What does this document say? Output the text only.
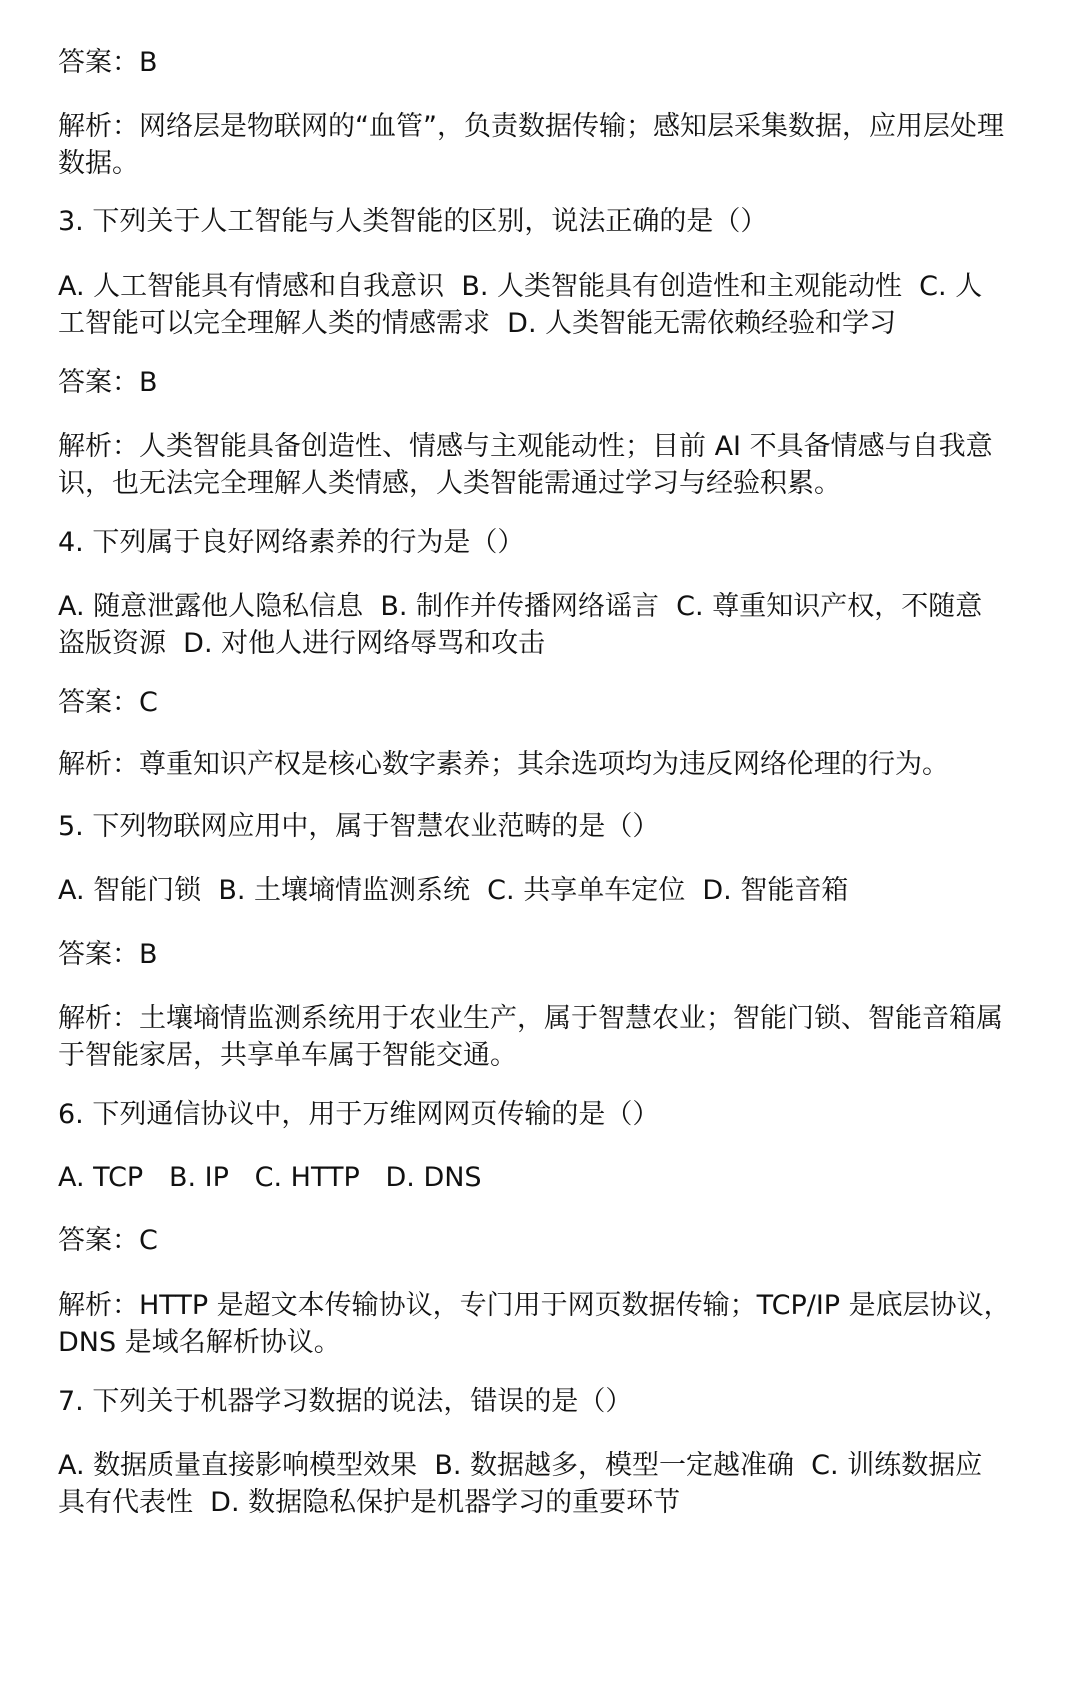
答案：B

解析：网络层是物联网的“血管”，负责数据传输；感知层采集数据，应用层处理
数据。

3. 下列关于人工智能与人类智能的区别，说法正确的是（）

A. 人工智能具有情感和自我意识  B. 人类智能具有创造性和主观能动性  C. 人
工智能可以完全理解人类的情感需求  D. 人类智能无需依赖经验和学习

答案：B

解析：人类智能具备创造性、情感与主观能动性；目前 AI 不具备情感与自我意
识，也无法完全理解人类情感，人类智能需通过学习与经验积累。

4. 下列属于良好网络素养的行为是（）

A. 随意泄露他人隐私信息  B. 制作并传播网络谣言  C. 尊重知识产权，不随意
盗版资源  D. 对他人进行网络辱骂和攻击

答案：C

解析：尊重知识产权是核心数字素养；其余选项均为违反网络伦理的行为。

5. 下列物联网应用中，属于智慧农业范畴的是（）

A. 智能门锁  B. 土壤墒情监测系统  C. 共享单车定位  D. 智能音箱

答案：B

解析：土壤墒情监测系统用于农业生产，属于智慧农业；智能门锁、智能音箱属
于智能家居，共享单车属于智能交通。

6. 下列通信协议中，用于万维网网页传输的是（）

A. TCP   B. IP   C. HTTP   D. DNS

答案：C

解析：HTTP 是超文本传输协议，专门用于网页数据传输；TCP/IP 是底层协议，
DNS 是域名解析协议。

7. 下列关于机器学习数据的说法，错误的是（）

A. 数据质量直接影响模型效果  B. 数据越多，模型一定越准确  C. 训练数据应
具有代表性  D. 数据隐私保护是机器学习的重要环节
